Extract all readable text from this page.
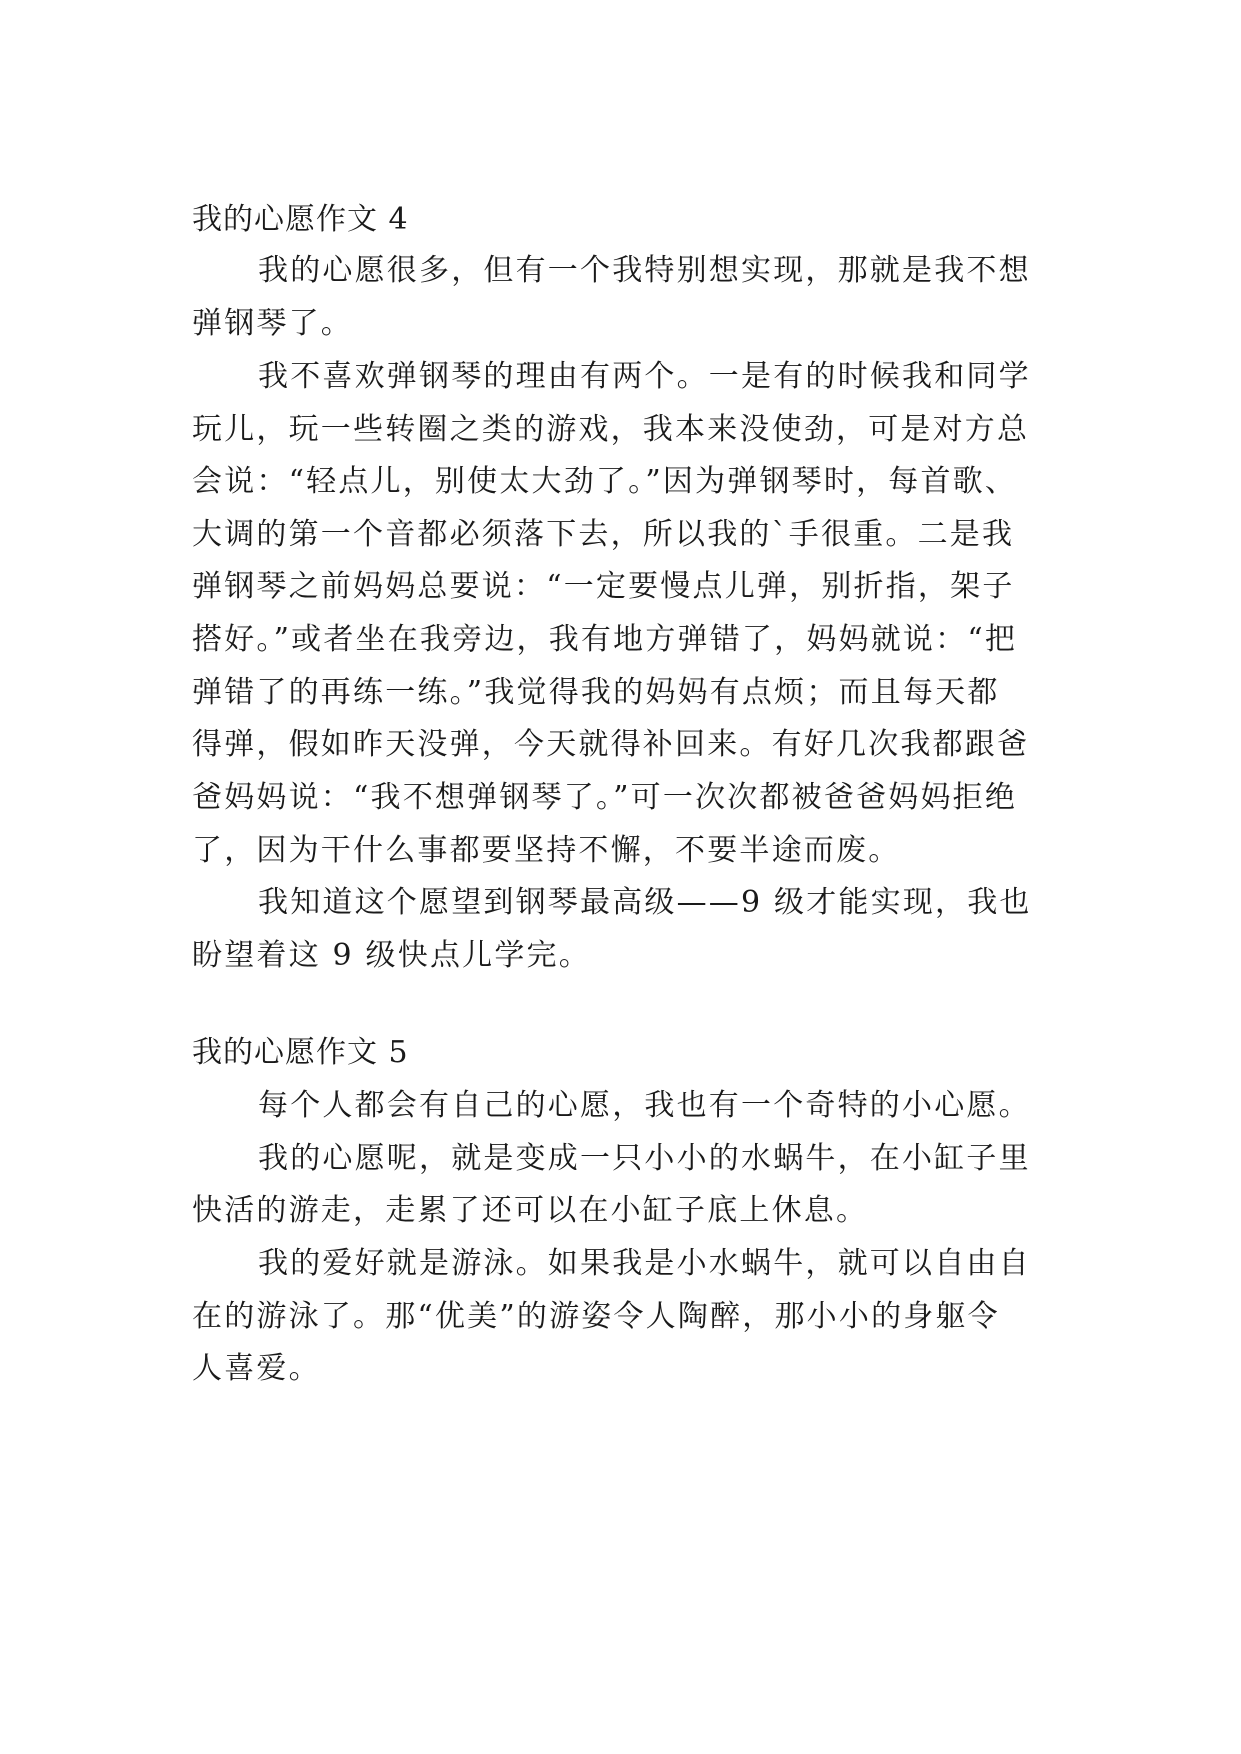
我的心愿作文 4
我的心愿很多，但有一个我特别想实现，那就是我不想
弹钢琴了。
我不喜欢弹钢琴的理由有两个。一是有的时候我和同学
玩儿，玩一些转圈之类的游戏，我本来没使劲，可是对方总
会说：“轻点儿，别使太大劲了。”因为弹钢琴时，每首歌、
大调的第一个音都必须落下去，所以我的`手很重。二是我
弹钢琴之前妈妈总要说：“一定要慢点儿弹，别折指，架子
搭好。”或者坐在我旁边，我有地方弹错了，妈妈就说：“把
弹错了的再练一练。”我觉得我的妈妈有点烦；而且每天都
得弹，假如昨天没弹，今天就得补回来。有好几次我都跟爸
爸妈妈说：“我不想弹钢琴了。”可一次次都被爸爸妈妈拒绝
了，因为干什么事都要坚持不懈，不要半途而废。
我知道这个愿望到钢琴最高级——9 级才能实现，我也
盼望着这 9 级快点儿学完。
我的心愿作文 5
每个人都会有自己的心愿，我也有一个奇特的小心愿。
我的心愿呢，就是变成一只小小的水蜗牛，在小缸子里
快活的游走，走累了还可以在小缸子底上休息。
我的爱好就是游泳。如果我是小水蜗牛，就可以自由自
在的游泳了。那“优美”的游姿令人陶醉，那小小的身躯令
人喜爱。
